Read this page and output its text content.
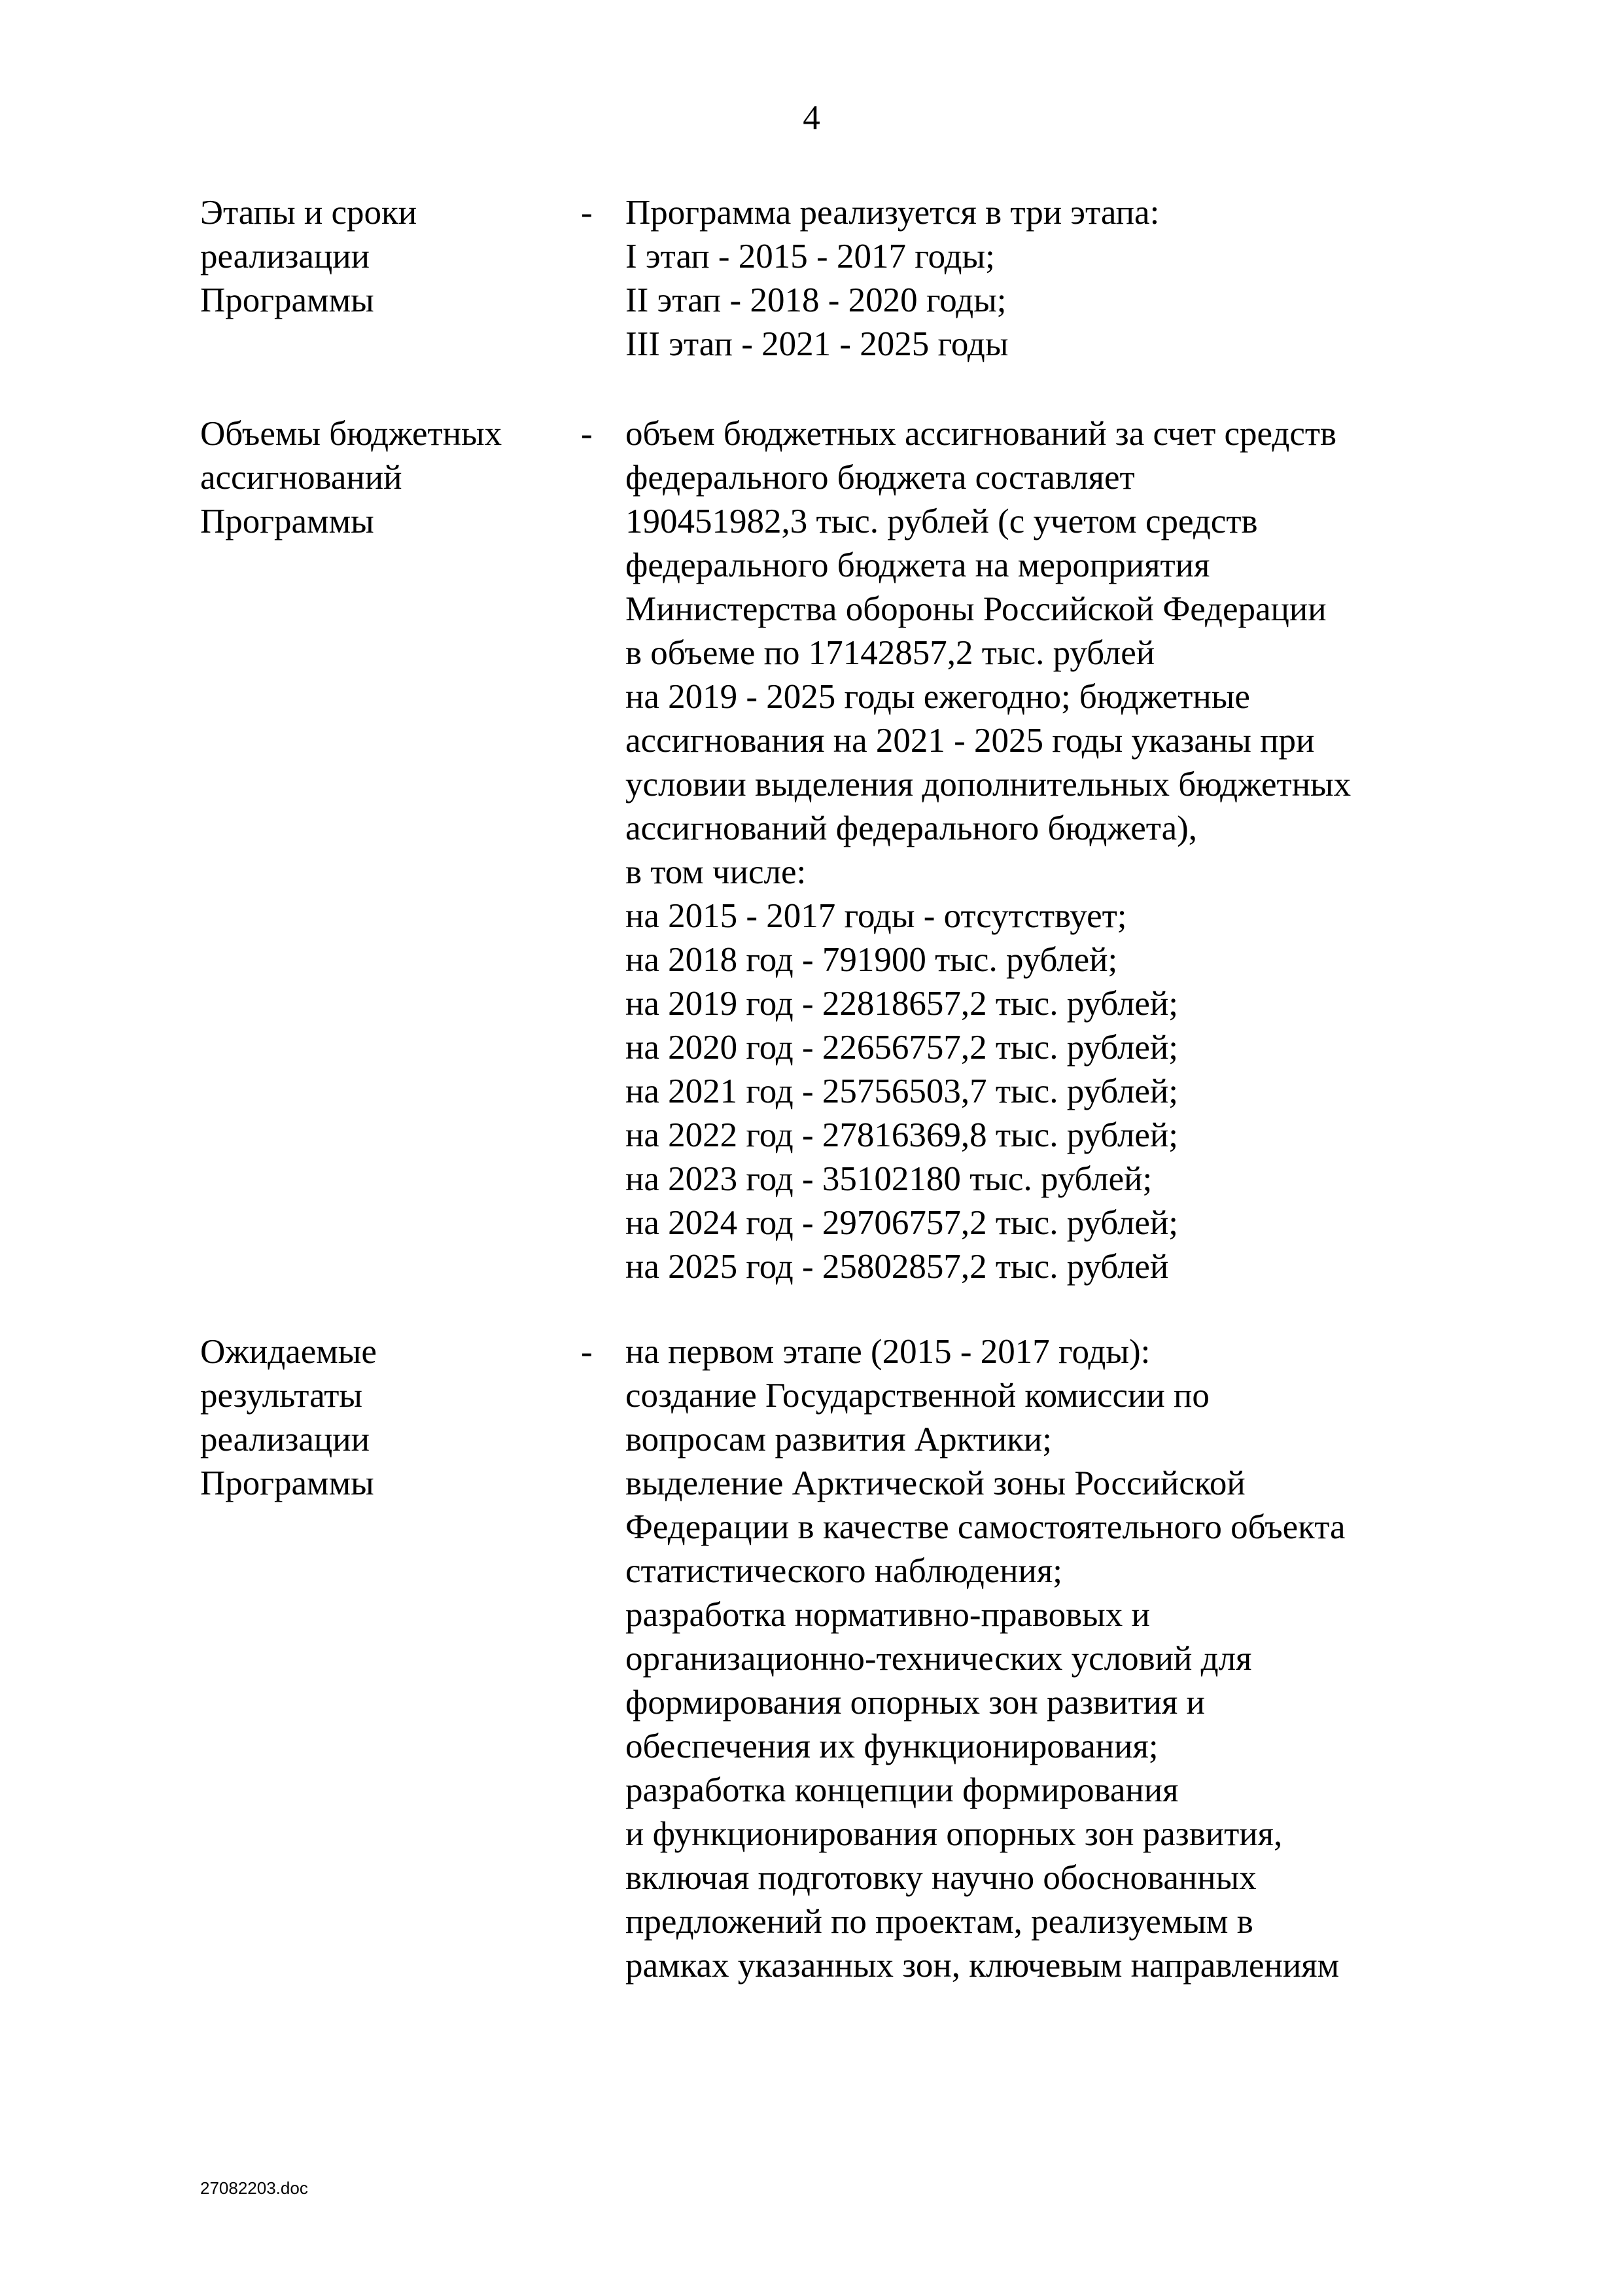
4
Этапы и сроки
реализации
Программы
- Программа реализуется в три этапа:
I этап - 2015 - 2017 годы;
II этап - 2018 - 2020 годы;
III этап - 2021 - 2025 годы
Объемы бюджетных
ассигнований
Программы
- объем бюджетных ассигнований за счет средств
федерального бюджета составляет
190451982,3 тыс. рублей (с учетом средств
федерального бюджета на мероприятия
Министерства обороны Российской Федерации
в объеме по 17142857,2 тыс. рублей
на 2019 - 2025 годы ежегодно; бюджетные
ассигнования на 2021 - 2025 годы указаны при
условии выделения дополнительных бюджетных
ассигнований федерального бюджета),
в том числе:
на 2015 - 2017 годы - отсутствует;
на 2018 год - 791900 тыс. рублей;
на 2019 год - 22818657,2 тыс. рублей;
на 2020 год - 22656757,2 тыс. рублей;
на 2021 год - 25756503,7 тыс. рублей;
на 2022 год - 27816369,8 тыс. рублей;
на 2023 год - 35102180 тыс. рублей;
на 2024 год - 29706757,2 тыс. рублей;
на 2025 год - 25802857,2 тыс. рублей
Ожидаемые
результаты
реализации
Программы
- на первом этапе (2015 - 2017 годы):
создание Государственной комиссии по
вопросам развития Арктики;
выделение Арктической зоны Российской
Федерации в качестве самостоятельного объекта
статистического наблюдения;
разработка нормативно-правовых и
организационно-технических условий для
формирования опорных зон развития и
обеспечения их функционирования;
разработка концепции формирования
и функционирования опорных зон развития,
включая подготовку научно обоснованных
предложений по проектам, реализуемым в
рамках указанных зон, ключевым направлениям
27082203.doc
